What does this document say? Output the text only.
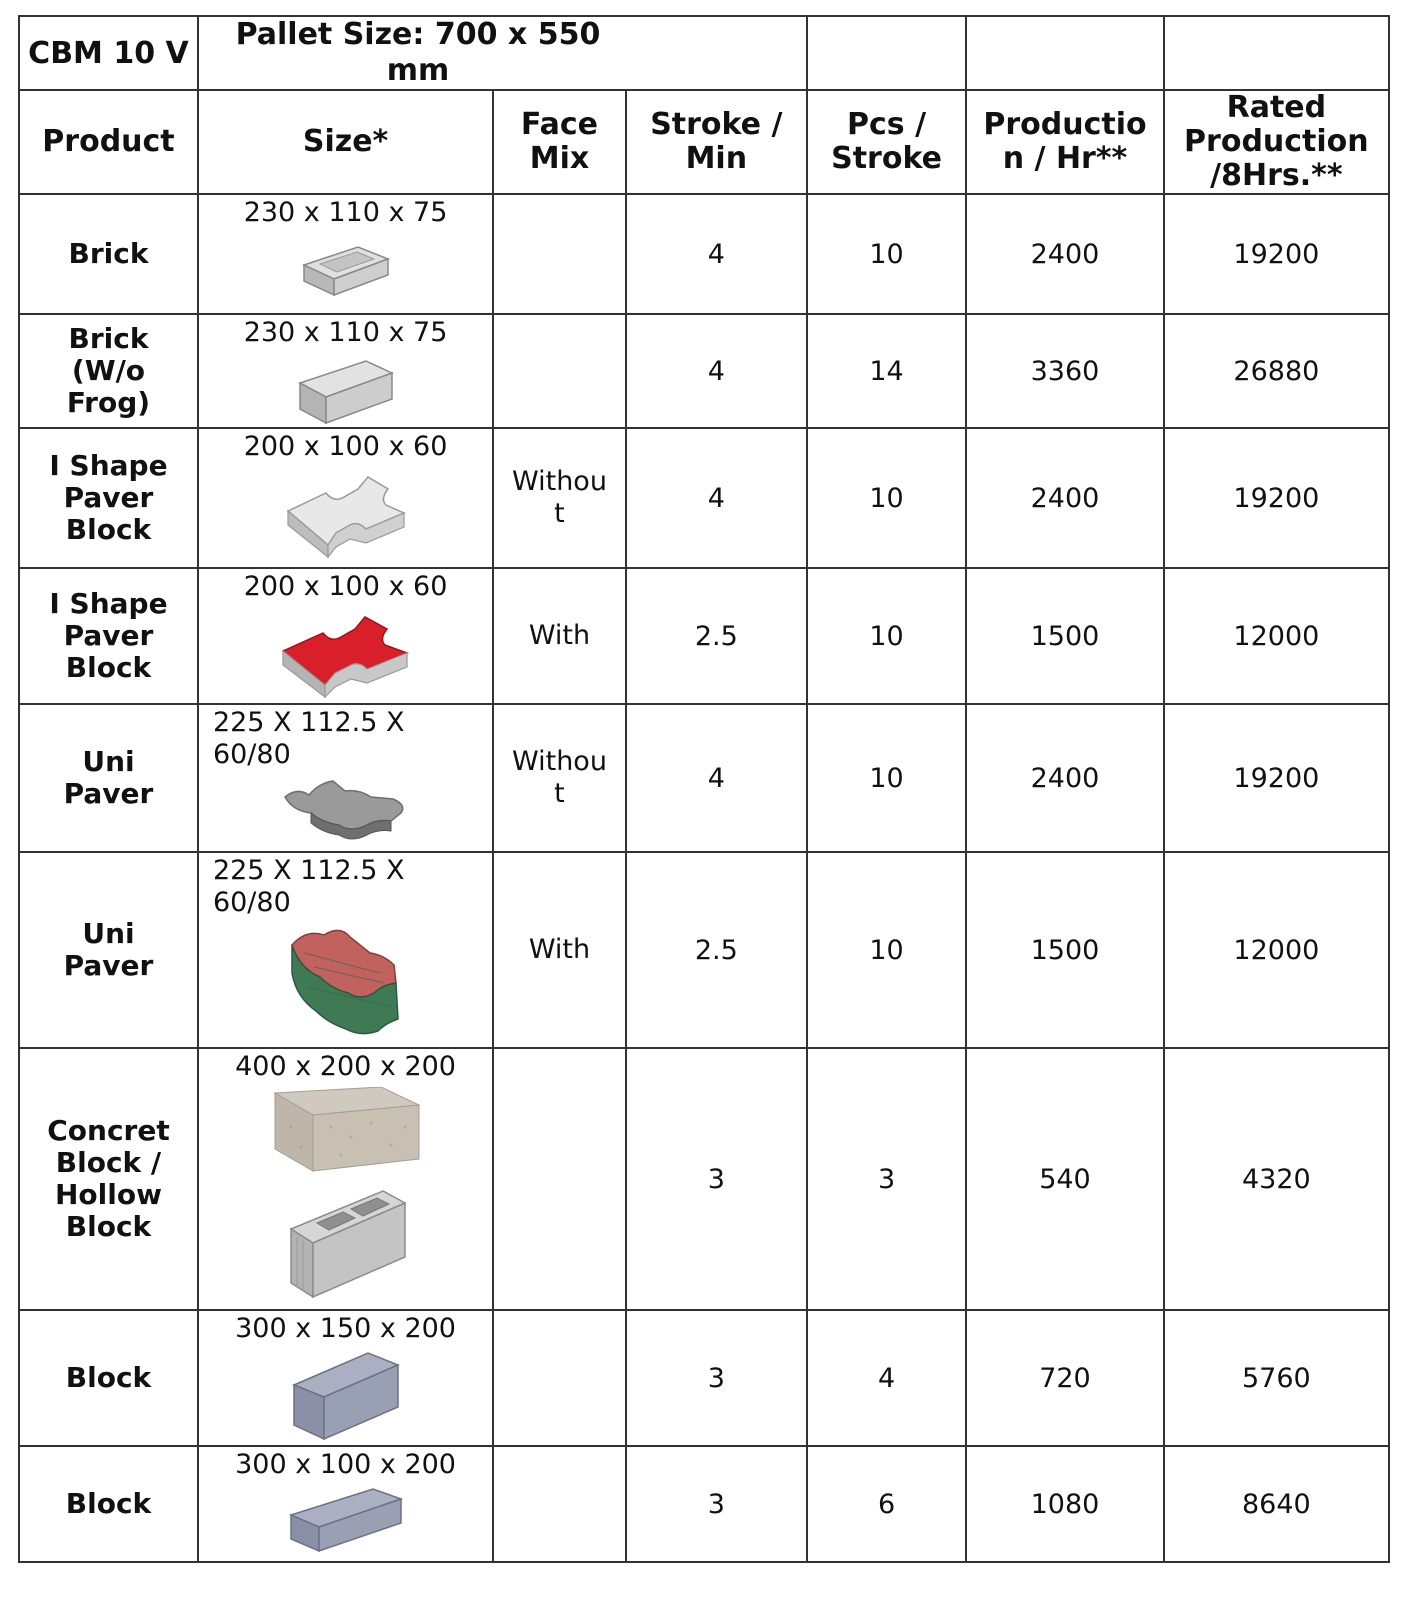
CBM 10 V	Pallet Size: 700 x 550 mm					

Product	Size*	Face Mix	Stroke / Min	Pcs / Stroke	Productio n / Hr**	Rated Production /8Hrs.**

Brick	230 x 110 x 75		4	10	2400	19200

Brick (W/o Frog)	230 x 110 x 75		4	14	3360	26880

I Shape Paver Block	200 x 100 x 60	Withou t	4	10	2400	19200

I Shape Paver Block	200 x 100 x 60	With	2.5	10	1500	12000

Uni Paver	225 X 112.5 X 60/80	Withou t	4	10	2400	19200

Uni Paver	225 X 112.5 X 60/80	With	2.5	10	1500	12000

Concret Block / Hollow Block	400 x 200 x 200		3	3	540	4320
Block	300 x 150 x 200		3	4	720	5760
Block	300 x 100 x 200		3	6	1080	8640
